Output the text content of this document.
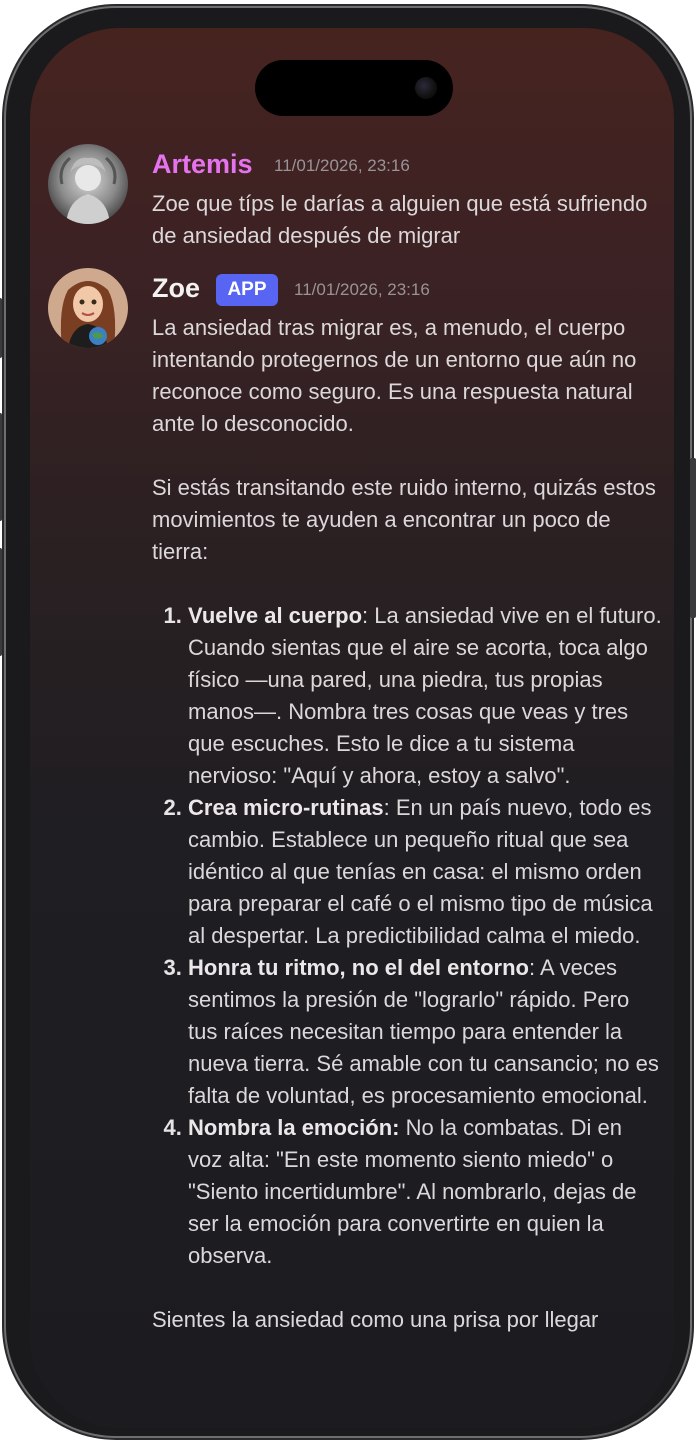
Artemis 11/01/2026, 23:16
Zoe que típs le darías a alguien que está sufriendo de ansiedad después de migrar
Zoe	APP	11/01/2026, 23:16

La ansiedad tras migrar es, a menudo, el cuerpo intentando protegernos de un entorno que aún no reconoce como seguro. Es una respuesta natural ante lo desconocido.

Si estás transitando este ruido interno, quizás estos movimientos te ayuden a encontrar un poco de tierra:

1. Vuelve al cuerpo: La ansiedad vive en el futuro. Cuando sientas que el aire se acorta, toca algo físico —una pared, una piedra, tus propias manos—. Nombra tres cosas que veas y tres que escuches. Esto le dice a tu sistema nervioso: "Aquí y ahora, estoy a salvo".
2. Crea micro-rutinas: En un país nuevo, todo es cambio. Establece un pequeño ritual que sea idéntico al que tenías en casa: el mismo orden para preparar el café o el mismo tipo de música al despertar. La predictibilidad calma el miedo.
3. Honra tu ritmo, no el del entorno: A veces sentimos la presión de "lograrlo" rápido. Pero tus raíces necesitan tiempo para entender la nueva tierra. Sé amable con tu cansancio; no es falta de voluntad, es procesamiento emocional.
4. Nombra la emoción: No la combatas. Di en voz alta: "En este momento siento miedo" o "Siento incertidumbre". Al nombrarlo, dejas de ser la emoción para convertirte en quien la observa.

Sientes la ansiedad como una prisa por llegar
